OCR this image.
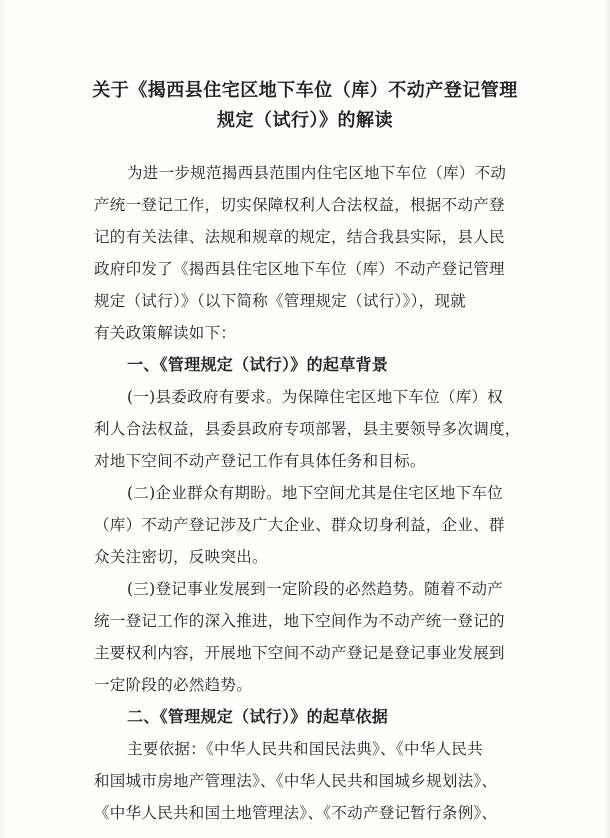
关于《揭西县住宅区地下车位（库）不动产登记管理
规定（试行）》的解读
为进一步规范揭西县范围内住宅区地下车位（库）不动
产统一登记工作，切实保障权利人合法权益，根据不动产登
记的有关法律、法规和规章的规定，结合我县实际，县人民
政府印发了《揭西县住宅区地下车位（库）不动产登记管理
规定（试行）》（以下简称《管理规定（试行）》），现就
有关政策解读如下：
一、《管理规定（试行）》的起草背景
(一)县委政府有要求。为保障住宅区地下车位（库）权
利人合法权益，县委县政府专项部署，县主要领导多次调度，
对地下空间不动产登记工作有具体任务和目标。
(二)企业群众有期盼。地下空间尤其是住宅区地下车位
（库）不动产登记涉及广大企业、群众切身利益，企业、群
众关注密切，反映突出。
(三)登记事业发展到一定阶段的必然趋势。随着不动产
统一登记工作的深入推进，地下空间作为不动产统一登记的
主要权利内容，开展地下空间不动产登记是登记事业发展到
一定阶段的必然趋势。
二、《管理规定（试行）》的起草依据
主要依据：《中华人民共和国民法典》、《中华人民共
和国城市房地产管理法》、《中华人民共和国城乡规划法》、
《中华人民共和国土地管理法》、《不动产登记暂行条例》、
